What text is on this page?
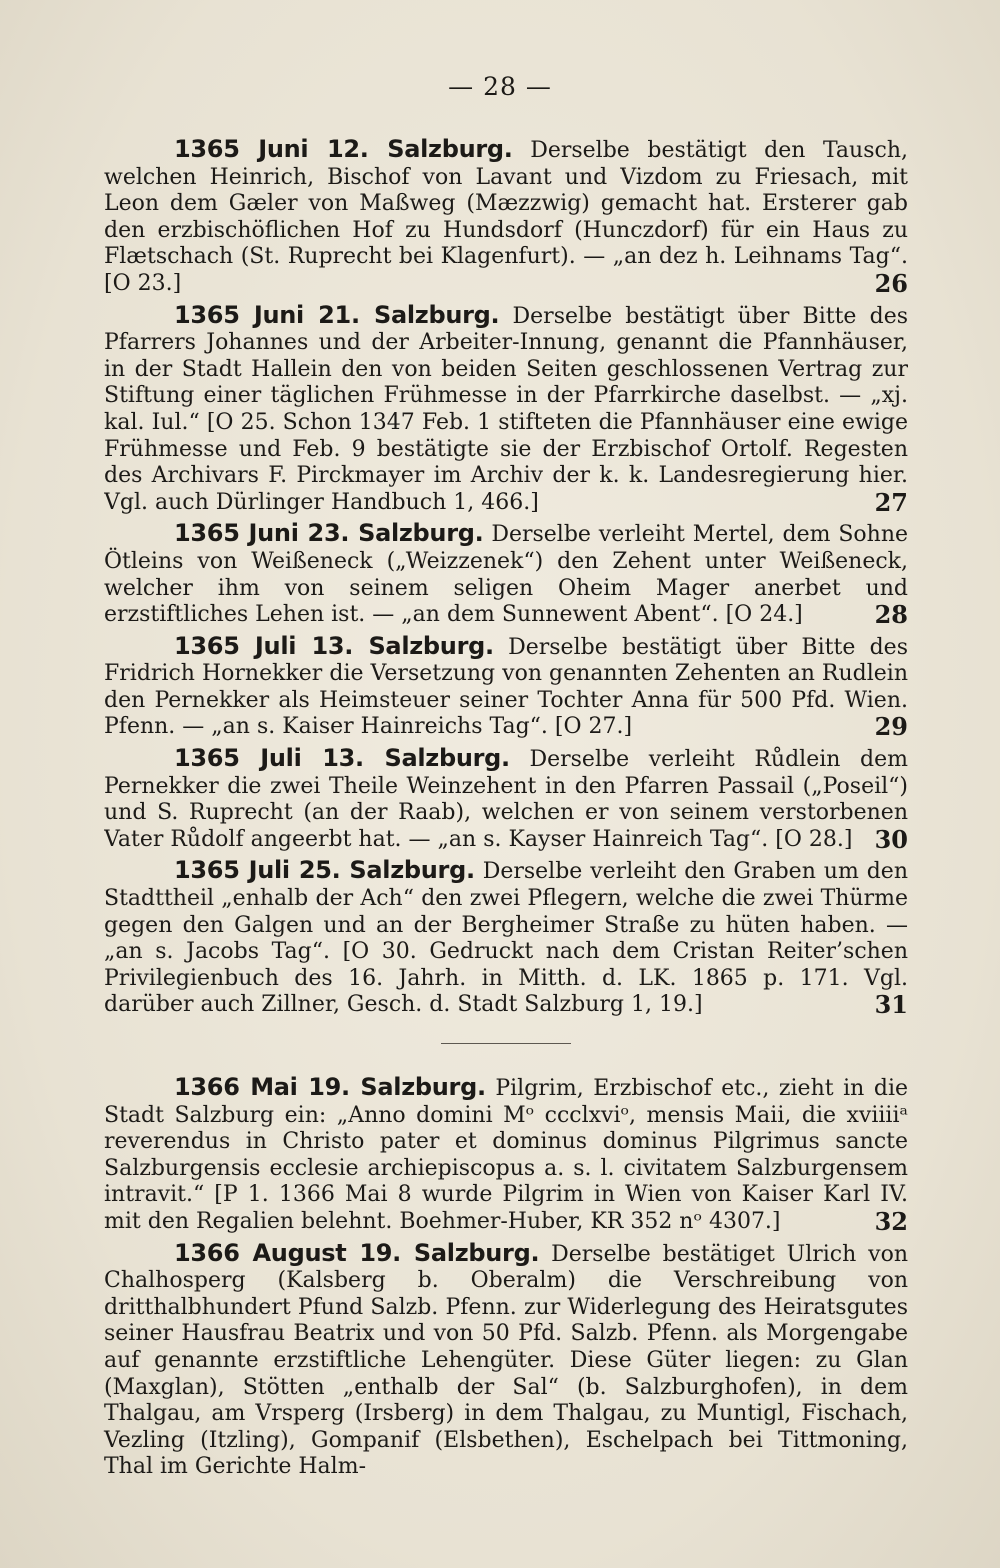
— 28 —

1365 Juni 12. Salzburg. Derselbe bestätigt den Tausch, welchen Heinrich, Bischof von Lavant und Vizdom zu Friesach, mit Leon dem Gæler von Maßweg (Mæzzwig) gemacht hat. Ersterer gab den erzbischöflichen Hof zu Hundsdorf (Hunczdorf) für ein Haus zu Flætschach (St. Ruprecht bei Klagenfurt). — „an dez h. Leihnams Tag“. [O 23.]	26

1365 Juni 21. Salzburg. Derselbe bestätigt über Bitte des Pfarrers Johannes und der Arbeiter-Innung, genannt die Pfannhäuser, in der Stadt Hallein den von beiden Seiten geschlossenen Vertrag zur Stiftung einer täglichen Frühmesse in der Pfarrkirche daselbst. — „xj. kal. Iul.“ [O 25. Schon 1347 Feb. 1 stifteten die Pfannhäuser eine ewige Frühmesse und Feb. 9 bestätigte sie der Erzbischof Ortolf. Regesten des Archivars F. Pirckmayer im Archiv der k. k. Landesregierung hier. Vgl. auch Dürlinger Handbuch 1, 466.]	27

1365 Juni 23. Salzburg. Derselbe verleiht Mertel, dem Sohne Ötleins von Weißeneck („Weizzenek“) den Zehent unter Weißeneck, welcher ihm von seinem seligen Oheim Mager anerbet und erzstiftliches Lehen ist. — „an dem Sunnewent Abent“. [O 24.]	28

1365 Juli 13. Salzburg. Derselbe bestätigt über Bitte des Fridrich Hornekker die Versetzung von genannten Zehenten an Rudlein den Pernekker als Heimsteuer seiner Tochter Anna für 500 Pfd. Wien. Pfenn. — „an s. Kaiser Hainreichs Tag“. [O 27.]	29

1365 Juli 13. Salzburg. Derselbe verleiht Růdlein dem Pernekker die zwei Theile Weinzehent in den Pfarren Passail („Poseil“) und S. Ruprecht (an der Raab), welchen er von seinem verstorbenen Vater Růdolf angeerbt hat. — „an s. Kayser Hainreich Tag“. [O 28.] 30

1365 Juli 25. Salzburg. Derselbe verleiht den Graben um den Stadttheil „enhalb der Ach“ den zwei Pflegern, welche die zwei Thürme gegen den Galgen und an der Bergheimer Straße zu hüten haben. — „an s. Jacobs Tag“. [O 30. Gedruckt nach dem Cristan Reiter’schen Privilegienbuch des 16. Jahrh. in Mitth. d. LK. 1865 p. 171. Vgl. darüber auch Zillner, Gesch. d. Stadt Salzburg 1, 19.]	31

1366 Mai 19. Salzburg. Pilgrim, Erzbischof etc., zieht in die Stadt Salzburg ein: „Anno domini Mᵒ ccclxviᵒ, mensis Maii, die xviiiiᵃ reverendus in Christo pater et dominus dominus Pilgrimus sancte Salzburgensis ecclesie archiepiscopus a. s. l. civitatem Salzburgensem intravit.“ [P 1. 1366 Mai 8 wurde Pilgrim in Wien von Kaiser Karl IV. mit den Regalien belehnt. Boehmer-Huber, KR 352 nᵒ 4307.]	32

1366 August 19. Salzburg. Derselbe bestätiget Ulrich von Chalhosperg (Kalsberg b. Oberalm) die Verschreibung von dritthalbhundert Pfund Salzb. Pfenn. zur Widerlegung des Heiratsgutes seiner Hausfrau Beatrix und von 50 Pfd. Salzb. Pfenn. als Morgengabe auf genannte erzstiftliche Lehengüter. Diese Güter liegen: zu Glan (Maxglan), Stötten „enthalb der Sal“ (b. Salzburghofen), in dem Thalgau, am Vrsperg (Irsberg) in dem Thalgau, zu Muntigl, Fischach, Vezling (Itzling), Gompanif (Elsbethen), Eschelpach bei Tittmoning, Thal im Gerichte Halm-
